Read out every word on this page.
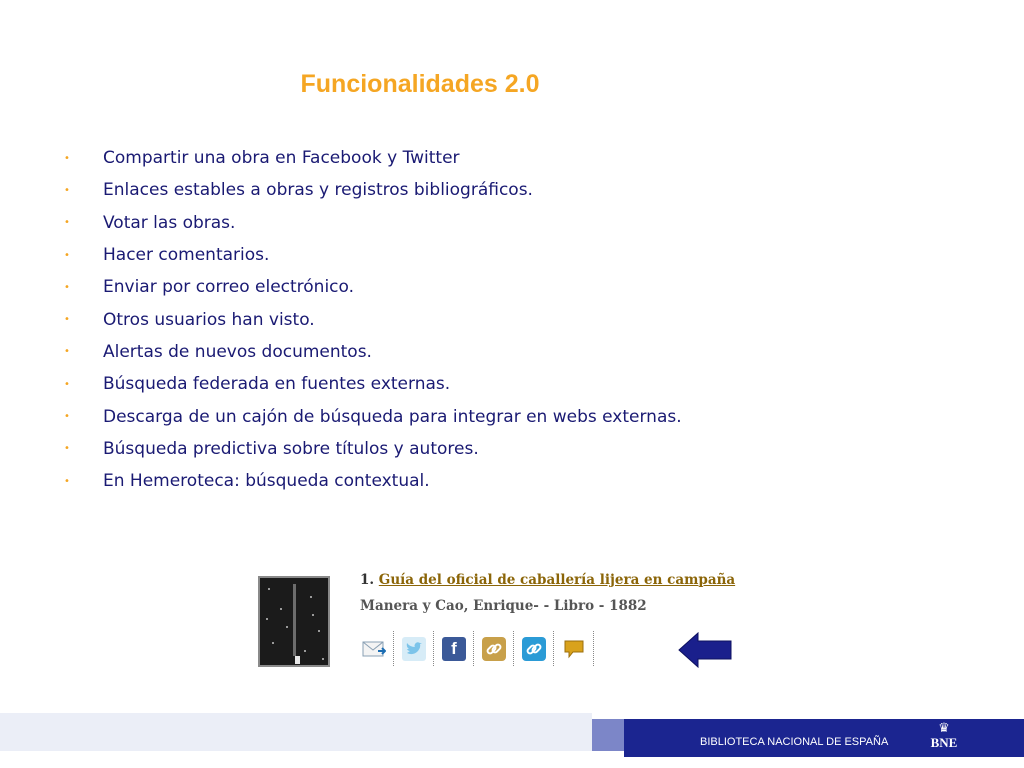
Funcionalidades 2.0
•	Compartir una obra en Facebook y Twitter
•	Enlaces estables a obras y registros bibliográficos.
•	Votar las obras.
•	Hacer comentarios.
•	Enviar por correo electrónico.
•	Otros usuarios han visto.
•	Alertas de nuevos documentos.
•	Búsqueda federada en fuentes externas.
•	Descarga de un cajón de búsqueda para integrar en webs externas.
•	Búsqueda predictiva sobre títulos y autores.
•	En Hemeroteca: búsqueda contextual.
1. Guía del oficial de caballería lijera en campaña
Manera y Cao, Enrique- - Libro - 1882
f
BIBLIOTECA NACIONAL DE ESPAÑA
♛
BNE
